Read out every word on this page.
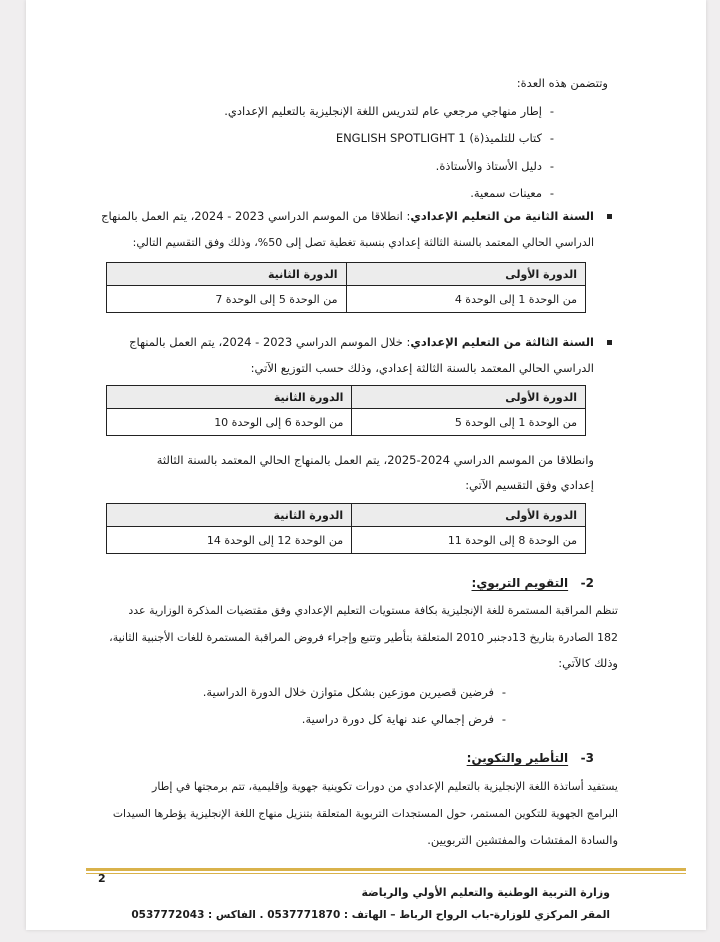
وتتضمن هذه العدة:
-إطار منهاجي مرجعي عام لتدريس اللغة الإنجليزية بالتعليم الإعدادي.
-كتاب للتلميذ(ة) ENGLISH SPOTLIGHT 1
-دليل الأستاذ والأستاذة.
-معينات سمعية.
السنة الثانية من التعليم الإعدادي: انطلاقا من الموسم الدراسي 2023 - 2024، يتم العمل بالمنهاج
الدراسي الحالي المعتمد بالسنة الثالثة إعدادي بنسبة تغطية تصل إلى 50%، وذلك وفق التقسيم التالي:
الدورة الأولى	الدورة الثانية
من الوحدة 1 إلى الوحدة 4	من الوحدة 5 إلى الوحدة 7
السنة الثالثة من التعليم الإعدادي: خلال الموسم الدراسي 2023 - 2024، يتم العمل بالمنهاج
الدراسي الحالي المعتمد بالسنة الثالثة إعدادي، وذلك حسب التوزيع الآتي:
الدورة الأولى	الدورة الثانية
من الوحدة 1 إلى الوحدة 5	من الوحدة 6 إلى الوحدة 10
وانطلاقا من الموسم الدراسي 2024-2025، يتم العمل بالمنهاج الحالي المعتمد بالسنة الثالثة
إعدادي وفق التقسيم الآتي:
الدورة الأولى	الدورة الثانية
من الوحدة 8 إلى الوحدة 11	من الوحدة 12 إلى الوحدة 14
2-   التقويم التربوي:
تنظم المراقبة المستمرة للغة الإنجليزية بكافة مستويات التعليم الإعدادي وفق مقتضيات المذكرة الوزارية عدد
182 الصادرة بتاريخ 13دجنبر 2010 المتعلقة بتأطير وتتبع وإجراء فروض المراقبة المستمرة للغات الأجنبية الثانية،
وذلك كالآتي:
-فرضين قصيرين موزعين بشكل متوازن خلال الدورة الدراسية.
-فرض إجمالي عند نهاية كل دورة دراسية.
3-   التأطير والتكوين:
يستفيد أساتذة اللغة الإنجليزية بالتعليم الإعدادي من دورات تكوينية جهوية وإقليمية، تتم برمجتها في إطار
البرامج الجهوية للتكوين المستمر، حول المستجدات التربوية المتعلقة بتنزيل منهاج اللغة الإنجليزية يؤطرها السيدات
والسادة المفتشات والمفتشين التربويين.
2
وزارة التربية الوطنية والتعليم الأولي والرياضة
المقر المركزي للوزارة-باب الرواح الرباط – الهاتف : 0537771870 . الفاكس : 0537772043
